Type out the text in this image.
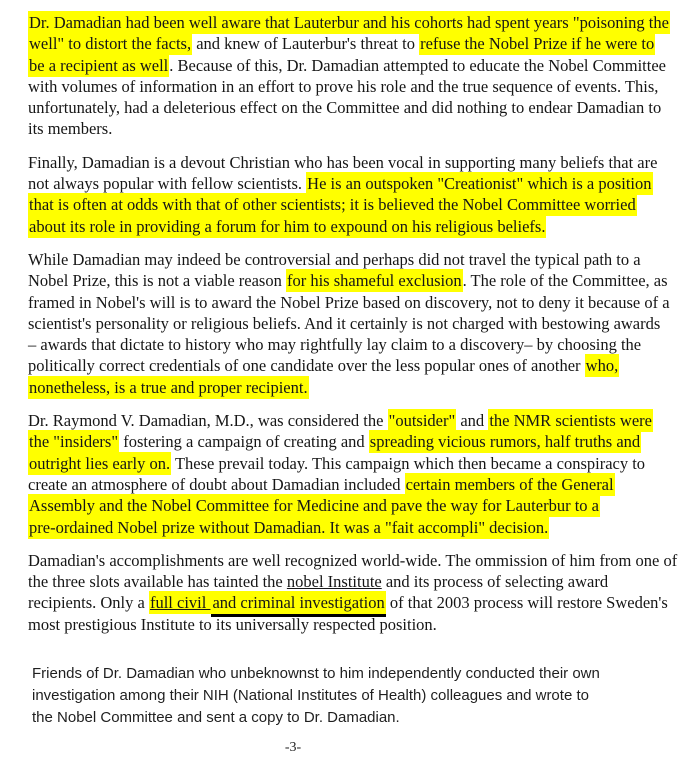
Dr. Damadian had been well aware that Lauterbur and his cohorts had spent years "poisoning the
well" to distort the facts, and knew of Lauterbur's threat to refuse the Nobel Prize if he were to
be a recipient as well. Because of this, Dr. Damadian attempted to educate the Nobel Committee
with volumes of information in an effort to prove his role and the true sequence of events. This,
unfortunately, had a deleterious effect on the Committee and did nothing to endear Damadian to
its members.
Finally, Damadian is a devout Christian who has been vocal in supporting many beliefs that are
not always popular with fellow scientists. He is an outspoken "Creationist" which is a position
that is often at odds with that of other scientists; it is believed the Nobel Committee worried
about its role in providing a forum for him to expound on his religious beliefs.
While Damadian may indeed be controversial and perhaps did not travel the typical path to a
Nobel Prize, this is not a viable reason for his shameful exclusion. The role of the Committee, as
framed in Nobel's will is to award the Nobel Prize based on discovery, not to deny it because of a
scientist's personality or religious beliefs. And it certainly is not charged with bestowing awards
– awards that dictate to history who may rightfully lay claim to a discovery– by choosing the
politically correct credentials of one candidate over the less popular ones of another who,
nonetheless, is a true and proper recipient.
Dr. Raymond V. Damadian, M.D., was considered the "outsider" and the NMR scientists were
the "insiders" fostering a campaign of creating and spreading vicious rumors, half truths and
outright lies early on. These prevail today. This campaign which then became a conspiracy to
create an atmosphere of doubt about Damadian included certain members of the General
Assembly and the Nobel Committee for Medicine and pave the way for Lauterbur to a
pre-ordained Nobel prize without Damadian. It was a "fait accompli" decision.
Damadian's accomplishments are well recognized world-wide. The ommission of him from one of
the three slots available has tainted the nobel Institute and its process of selecting award
recipients. Only a full civil and criminal investigation of that 2003 process will restore Sweden's
most prestigious Institute to its universally respected position.
Friends of Dr. Damadian who unbeknownst to him independently conducted their own
investigation among their NIH (National Institutes of Health) colleagues and wrote to
the Nobel Committee and sent a copy to Dr. Damadian.
-3-
